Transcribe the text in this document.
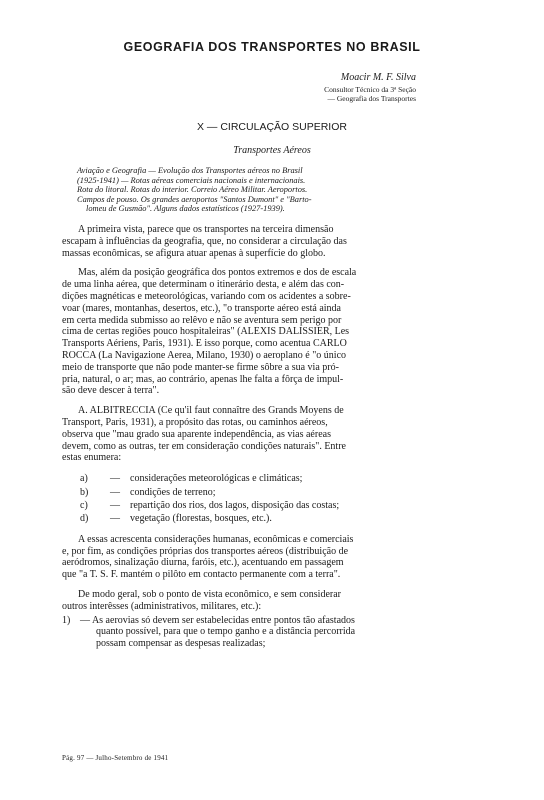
GEOGRAFIA DOS TRANSPORTES NO BRASIL
Moacir M. F. Silva
Consultor Técnico da 3ª Seção
— Geografia dos Transportes
X — CIRCULAÇÃO SUPERIOR
Transportes Aéreos
Aviação e Geografia — Evolução dos Transportes aéreos no Brasil
(1925-1941) — Rotas aéreas comerciais nacionais e internacionais.
Rota do litoral. Rotas do interior. Correio Aéreo Militar. Aeroportos.
Campos de pouso. Os grandes aeroportos "Santos Dumont" e "Barto-
lomeu de Gusmão". Alguns dados estatísticos (1927-1939).
A primeira vista, parece que os transportes na terceira dimensão
escapam à influências da geografia, que, no considerar a circulação das
massas econômicas, se afigura atuar apenas à superfície do globo.
Mas, além da posição geográfica dos pontos extremos e dos de escala
de uma linha aérea, que determinam o itinerário desta, e além das con-
dições magnéticas e meteorológicas, variando com os acidentes a sobre-
voar (mares, montanhas, desertos, etc.), "o transporte aéreo está ainda
em certa medida submisso ao relêvo e não se aventura sem perigo por
cima de certas regiões pouco hospitaleiras" (ALEXIS DALISSIER, Les
Transports Aériens, Paris, 1931). E isso porque, como acentua CARLO
ROCCA (La Navigazione Aerea, Milano, 1930) o aeroplano é "o único
meio de transporte que não pode manter-se firme sôbre a sua via pró-
pria, natural, o ar; mas, ao contrário, apenas lhe falta a fôrça de impul-
são deve descer à terra".
A. ALBITRECCIA (Ce qu'il faut connaître des Grands Moyens de
Transport, Paris, 1931), a propósito das rotas, ou caminhos aéreos,
observa que "mau grado sua aparente independência, as vias aéreas
devem, como as outras, ter em consideração condições naturais". Entre
estas enumera:
a)	—	considerações meteorológicas e climáticas;
b)	—	condições de terreno;
c)	—	repartição dos rios, dos lagos, disposição das costas;
d)	—	vegetação (florestas, bosques, etc.).
A essas acrescenta considerações humanas, econômicas e comerciais
e, por fim, as condições próprias dos transportes aéreos (distribuição de
aeródromos, sinalização diurna, faróis, etc.), acentuando em passagem
que "a T. S. F. mantém o pilôto em contacto permanente com a terra".
De modo geral, sob o ponto de vista econômico, e sem considerar
outros interêsses (administrativos, militares, etc.):
1) — As aerovias só devem ser estabelecidas entre pontos tão afastados
quanto possível, para que o tempo ganho e a distância percorrida
possam compensar as despesas realizadas;
Pág. 97 — Julho-Setembro de 1941
